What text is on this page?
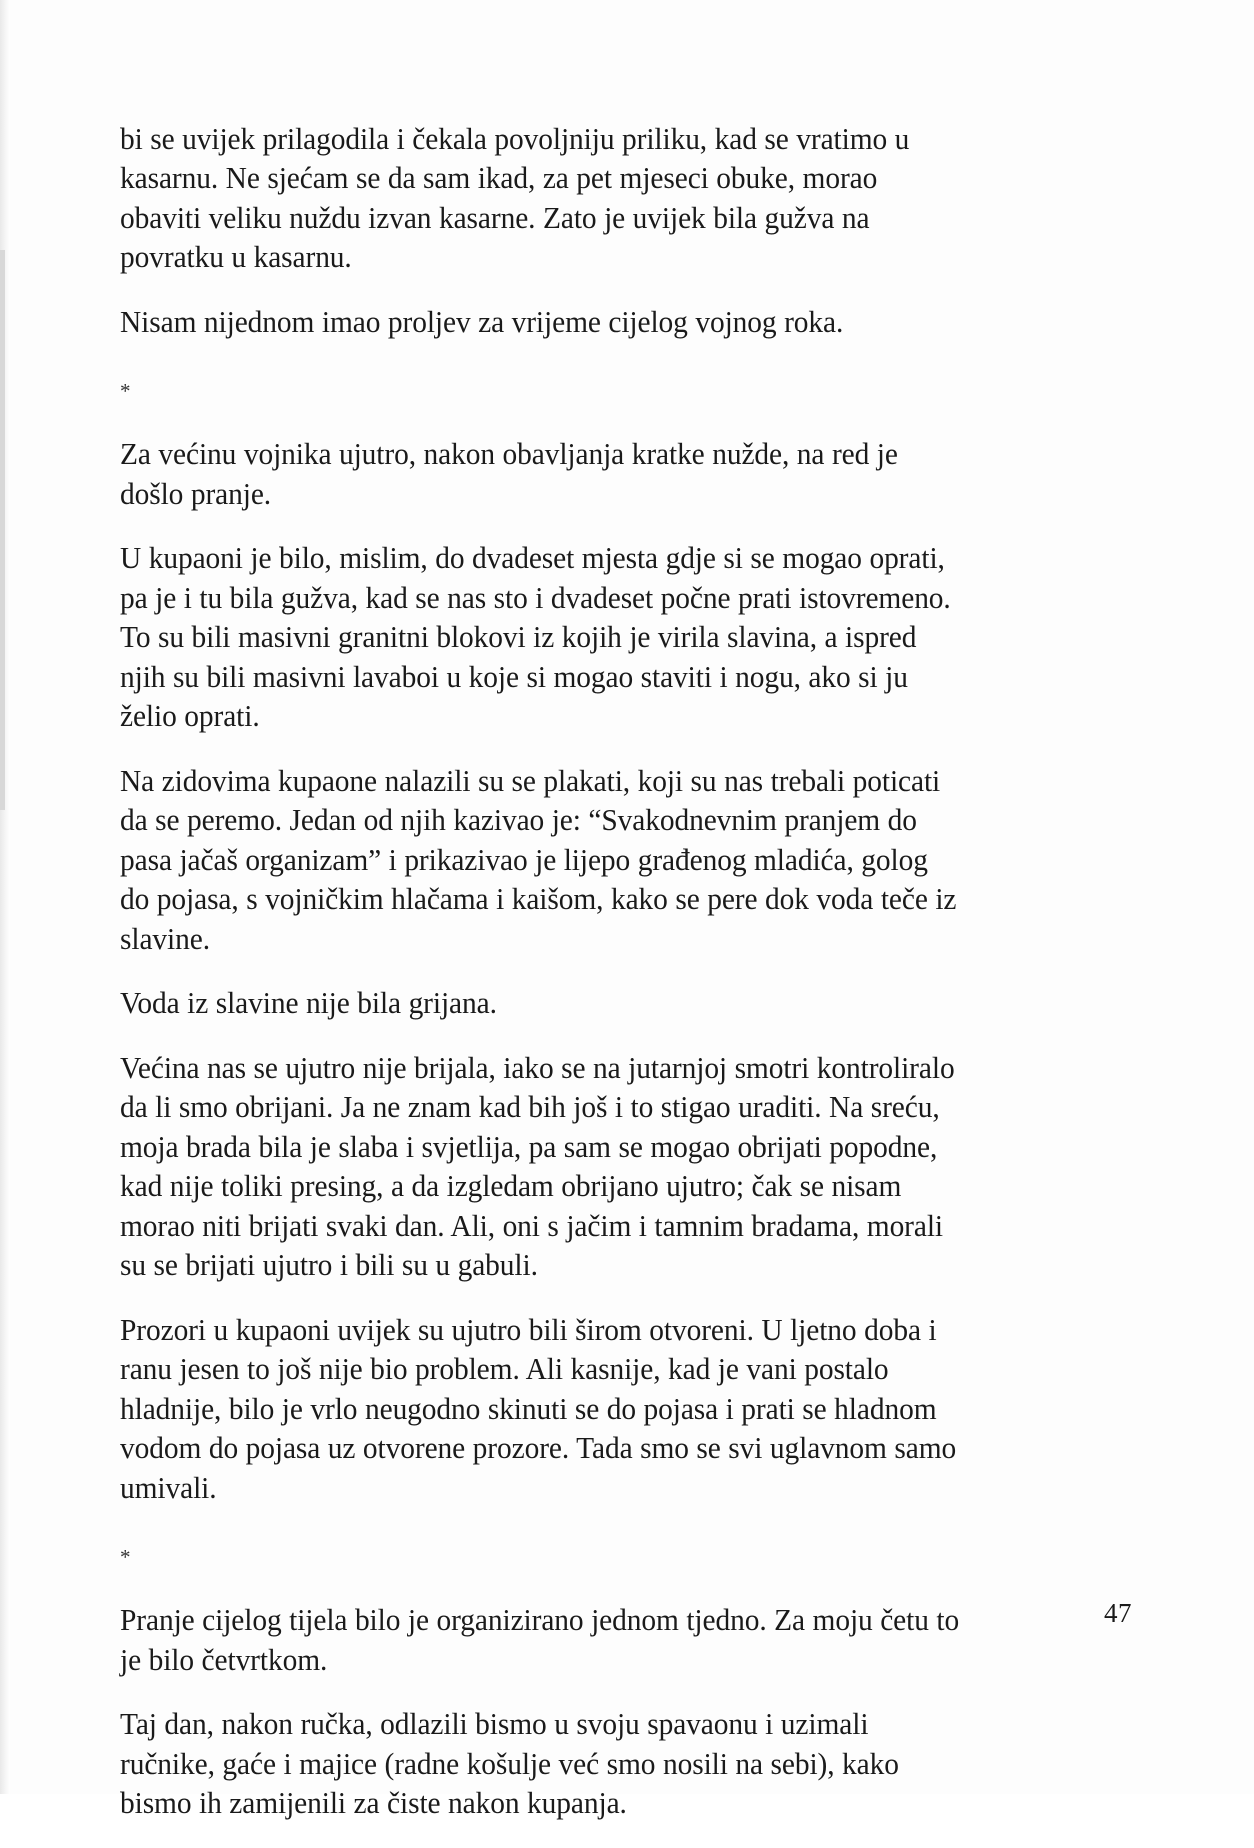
bi se uvijek prilagodila i čekala povoljniju priliku, kad se vratimo u kasarnu. Ne sjećam se da sam ikad, za pet mjeseci obuke, morao obaviti veliku nuždu izvan kasarne. Zato je uvijek bila gužva na povratku u kasarnu.

Nisam nijednom imao proljev za vrijeme cijelog vojnog roka.

*

Za većinu vojnika ujutro, nakon obavljanja kratke nužde, na red je došlo pranje.

U kupaoni je bilo, mislim, do dvadeset mjesta gdje si se mogao oprati, pa je i tu bila gužva, kad se nas sto i dvadeset počne prati istovremeno. To su bili masivni granitni blokovi iz kojih je virila slavina, a ispred njih su bili masivni lavaboi u koje si mogao staviti i nogu, ako si ju želio oprati.

Na zidovima kupaone nalazili su se plakati, koji su nas trebali poticati da se peremo. Jedan od njih kazivao je: “Svakodnevnim pranjem do pasa jačaš organizam” i prikazivao je lijepo građenog mladića, golog do pojasa, s vojničkim hlačama i kaišom, kako se pere dok voda teče iz slavine.

Voda iz slavine nije bila grijana.

Većina nas se ujutro nije brijala, iako se na jutarnjoj smotri kontroliralo da li smo obrijani. Ja ne znam kad bih još i to stigao uraditi. Na sreću, moja brada bila je slaba i svjetlija, pa sam se mogao obrijati popodne, kad nije toliki presing, a da izgledam obrijano ujutro; čak se nisam morao niti brijati svaki dan. Ali, oni s jačim i tamnim bradama, morali su se brijati ujutro i bili su u gabuli.

Prozori u kupaoni uvijek su ujutro bili širom otvoreni. U ljetno doba i ranu jesen to još nije bio problem. Ali kasnije, kad je vani postalo hladnije, bilo je vrlo neugodno skinuti se do pojasa i prati se hladnom vodom do pojasa uz otvorene prozore. Tada smo se svi uglavnom samo umivali.

*

Pranje cijelog tijela bilo je organizirano jednom tjedno. Za moju četu to je bilo četvrtkom.

Taj dan, nakon ručka, odlazili bismo u svoju spavaonu i uzimali ručnike, gaće i majice (radne košulje već smo nosili na sebi), kako bismo ih zamijenili za čiste nakon kupanja.

47
